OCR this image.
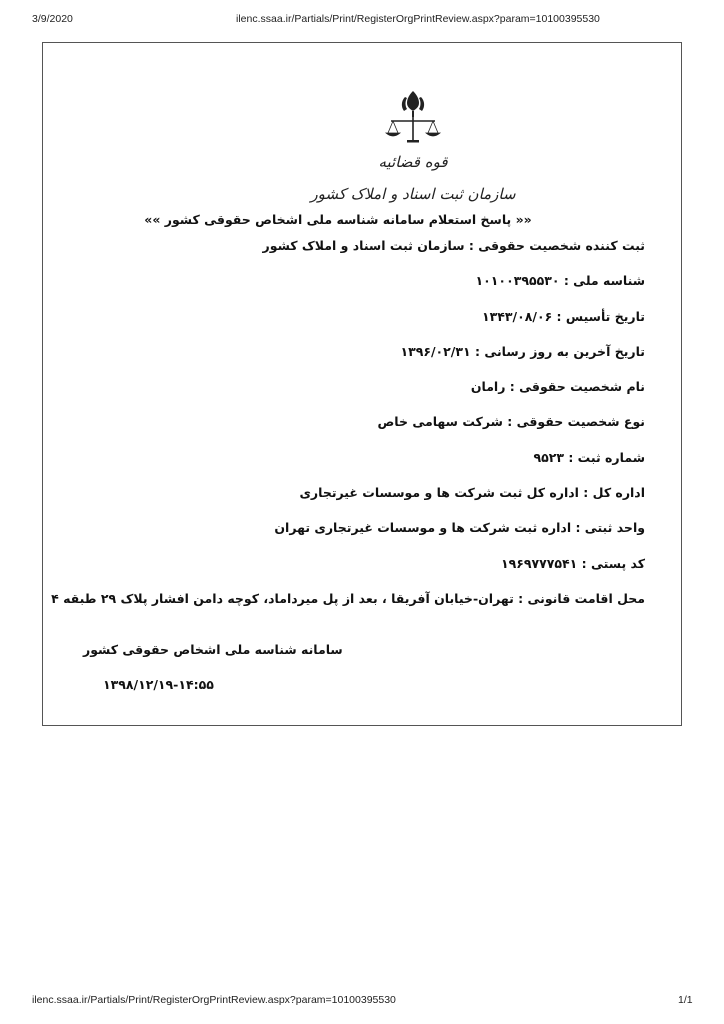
3/9/2020	ilenc.ssaa.ir/Partials/Print/RegisterOrgPrintReview.aspx?param=10100395530
قوه قضائیه
سازمان ثبت اسناد و املاک کشور
«« پاسخ استعلام سامانه شناسه ملی اشخاص حقوقی کشور »»
ثبت کننده شخصیت حقوقی : سازمان ثبت اسناد و املاک کشور
شناسه ملی : ۱۰۱۰۰۳۹۵۵۳۰
تاریخ تأسیس : ۱۳۴۳/۰۸/۰۶
تاریخ آخرین به روز رسانی : ۱۳۹۶/۰۲/۳۱
نام شخصیت حقوقی : رامان
نوع شخصیت حقوقی : شرکت سهامی خاص
شماره ثبت : ۹۵۲۳
اداره کل : اداره کل ثبت شرکت ها و موسسات غیرتجاری
واحد ثبتی : اداره ثبت شرکت ها و موسسات غیرتجاری تهران
کد پستی : ۱۹۶۹۷۷۷۵۴۱
محل اقامت قانونی : تهران-خیابان آفریقا ، بعد از پل میرداماد، کوچه دامن افشار پلاک ۲۹ طبقه ۴
سامانه شناسه ملی اشخاص حقوقی کشور
۱۳۹۸/۱۲/۱۹-۱۴:۵۵
ilenc.ssaa.ir/Partials/Print/RegisterOrgPrintReview.aspx?param=10100395530	1/1
